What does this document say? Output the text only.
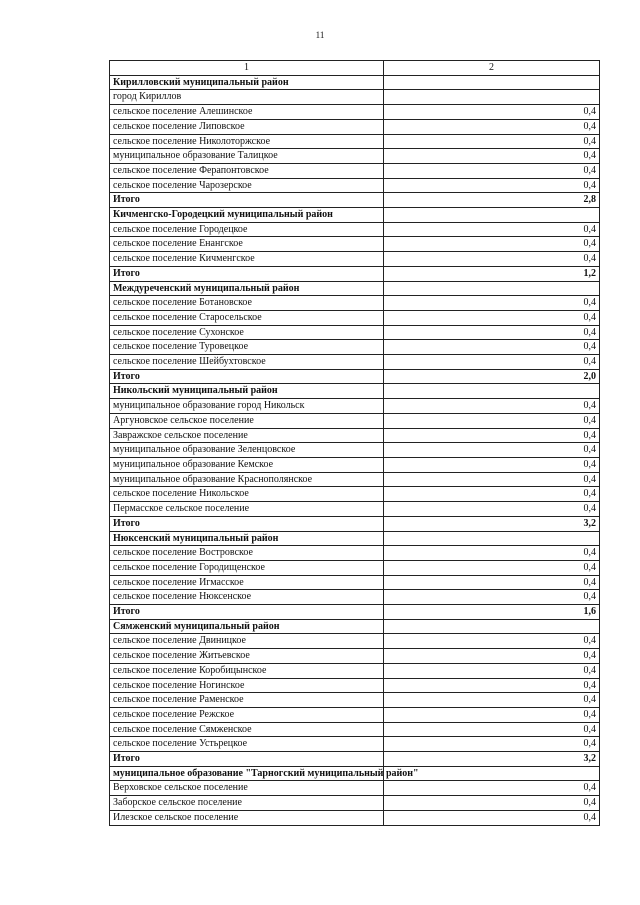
11
1	2
Кирилловский муниципальный район	
город Кириллов	
сельское поселение Алешинское	0,4
сельское поселение Липовское	0,4
сельское поселение Николоторжское	0,4
муниципальное образование Талицкое	0,4
сельское поселение Ферапонтовское	0,4
сельское поселение Чарозерское	0,4
Итого	2,8
Кичменгско-Городецкий муниципальный район	
сельское поселение Городецкое	0,4
сельское поселение Енангское	0,4
сельское поселение Кичменгское	0,4
Итого	1,2
Междуреченский муниципальный район	
сельское поселение Ботановское	0,4
сельское поселение Старосельское	0,4
сельское поселение Сухонское	0,4
сельское поселение Туровецкое	0,4
сельское поселение Шейбухтовское	0,4
Итого	2,0
Никольский муниципальный район	
муниципальное образование город Никольск	0,4
Аргуновское сельское поселение	0,4
Завражское сельское поселение	0,4
муниципальное образование Зеленцовское	0,4
муниципальное образование Кемское	0,4
муниципальное образование Краснополянское	0,4
сельское поселение Никольское	0,4
Пермасское сельское поселение	0,4
Итого	3,2
Нюксенский муниципальный район	
сельское поселение Востровское	0,4
сельское поселение Городищенское	0,4
сельское поселение Игмасское	0,4
сельское поселение Нюксенское	0,4
Итого	1,6
Сямженский муниципальный район	
сельское поселение Двиницкое	0,4
сельское поселение Житьевское	0,4
сельское поселение Коробицынское	0,4
сельское поселение Ногинское	0,4
сельское поселение Раменское	0,4
сельское поселение Режское	0,4
сельское поселение Сямженское	0,4
сельское поселение Устьрецкое	0,4
Итого	3,2
муниципальное образование "Тарногский муниципальный район"	
Верховское сельское поселение	0,4
Заборское сельское поселение	0,4
Илезское сельское поселение	0,4
